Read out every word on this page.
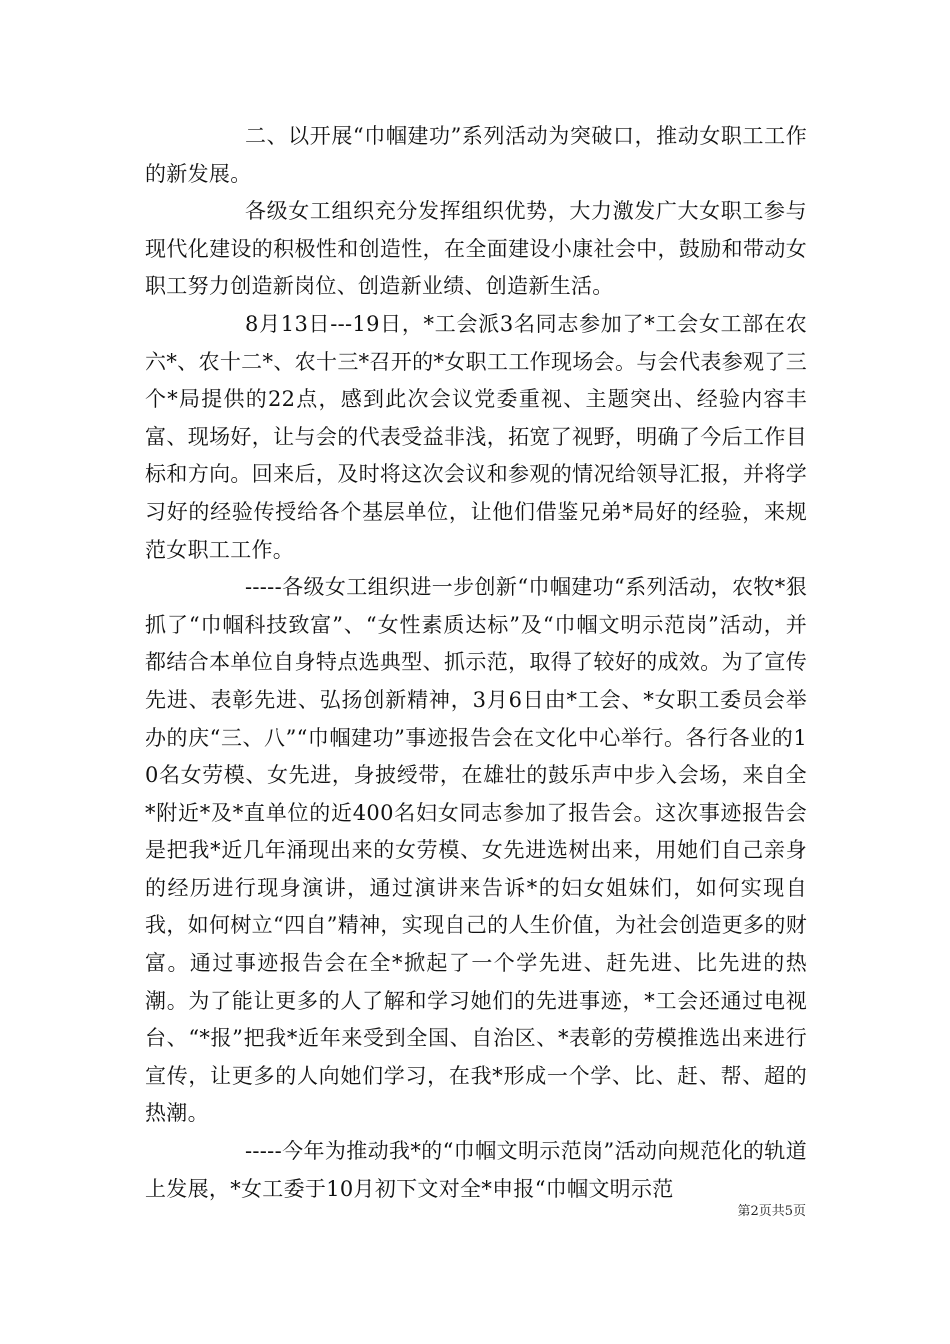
二、以开展“巾帼建功”系列活动为突破口，推动女职工工作的新发展。

各级女工组织充分发挥组织优势，大力激发广大女职工参与现代化建设的积极性和创造性，在全面建设小康社会中，鼓励和带动女职工努力创造新岗位、创造新业绩、创造新生活。

8月13日---19日，*工会派3名同志参加了*工会女工部在农六*、农十二*、农十三*召开的*女职工工作现场会。与会代表参观了三个*局提供的22点，感到此次会议党委重视、主题突出、经验内容丰富、现场好，让与会的代表受益非浅，拓宽了视野，明确了今后工作目标和方向。回来后，及时将这次会议和参观的情况给领导汇报，并将学习好的经验传授给各个基层单位，让他们借鉴兄弟*局好的经验，来规范女职工工作。

-----各级女工组织进一步创新“巾帼建功“系列活动，农牧*狠抓了“巾帼科技致富”、“女性素质达标”及“巾帼文明示范岗”活动，并都结合本单位自身特点选典型、抓示范，取得了较好的成效。为了宣传先进、表彰先进、弘扬创新精神，3月6日由*工会、*女职工委员会举办的庆“三、八”“巾帼建功”事迹报告会在文化中心举行。各行各业的10名女劳模、女先进，身披绶带，在雄壮的鼓乐声中步入会场，来自全*附近*及*直单位的近400名妇女同志参加了报告会。这次事迹报告会是把我*近几年涌现出来的女劳模、女先进选树出来，用她们自己亲身的经历进行现身演讲，通过演讲来告诉*的妇女姐妹们，如何实现自我，如何树立“四自”精神，实现自己的人生价值，为社会创造更多的财富。通过事迹报告会在全*掀起了一个学先进、赶先进、比先进的热潮。为了能让更多的人了解和学习她们的先进事迹，*工会还通过电视台、“*报”把我*近年来受到全国、自治区、*表彰的劳模推选出来进行宣传，让更多的人向她们学习，在我*形成一个学、比、赶、帮、超的热潮。

-----今年为推动我*的“巾帼文明示范岗”活动向规范化的轨道上发展，*女工委于10月初下文对全*申报“巾帼文明示范

第2页共5页
